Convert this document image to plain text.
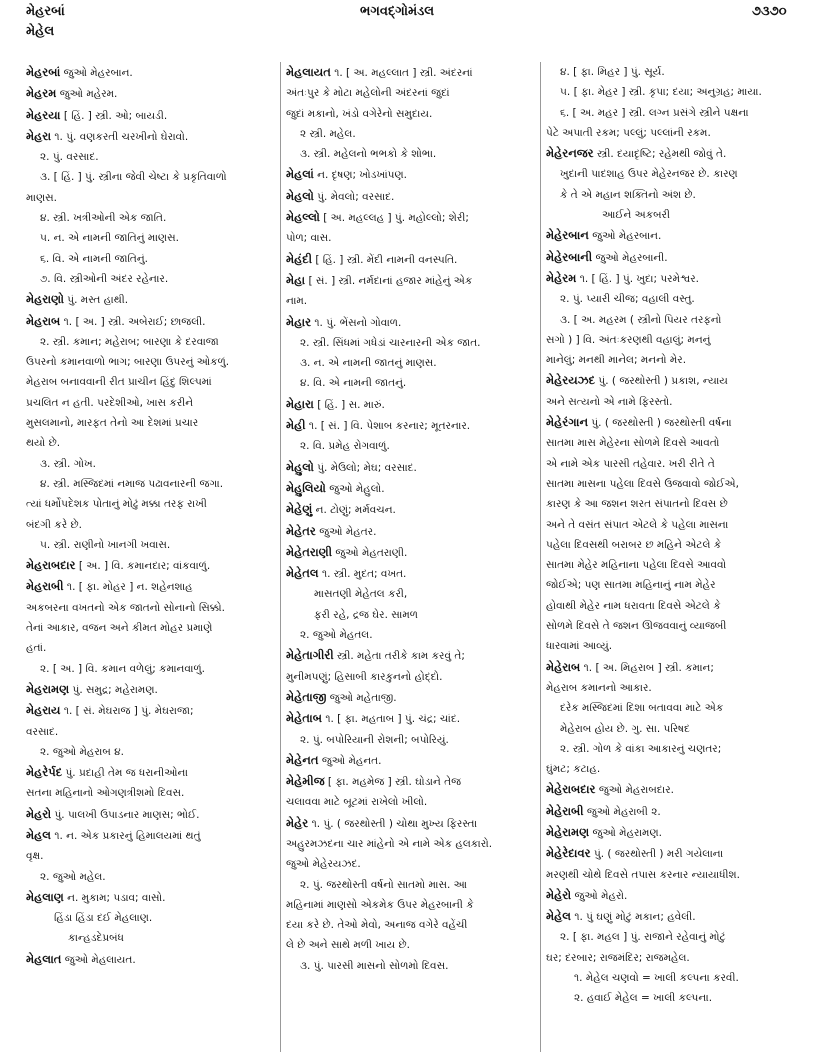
મેહરબાં
મેહેલ
ભગવદ્ગોમંડલ	૭૩૭૦
મેહરબાં જુઓ મેહરબાન.
મેહરમ જુઓ મહેરમ.
મેહરયા [ હિં. ] સ્ત્રી. ઓ; બાયડી.
મેહરા ૧. પું. વણકરતી ચરખીનો ઘેરાવો.
૨. પું. વરસાદ.
૩. [ હિં. ] પું. સ્ત્રીના જેવી ચેષ્ટા કે પ્રકૃતિવાળો
માણસ.
૪. સ્ત્રી. ખત્રીઓની એક જાતિ.
૫. ન. એ નામની જાતિનું માણસ.
૬. વિ. એ નામની જાતિનું.
૭. વિ. સ્ત્રીઓની અંદર રહેનાર.
મેહરાણો પું. મસ્ત હાથી.
મેહરાબ ૧. [ અ. ] સ્ત્રી. અબેરાઈ; છાજલી.
૨. સ્ત્રી. કમાન; મહેરાબ; બારણા કે દરવાજા
ઉપરનો કમાનવાળો ભાગ; બારણા ઉપરનું ઓકળું.
મેહરાબ બનાવવાની રીત પ્રાચીન હિંદુ શિલ્પમાં
પ્રચલિત ન હતી. પરદેશીઓ, ખાસ કરીને
મુસલમાનો, મારફત તેનો આ દેશમાં પ્રચાર
થયો છે.
૩. સ્ત્રી. ગોખ.
૪. સ્ત્રી. મસ્જિદમાં નમાજ પઢાવનારની જગા.
ત્યાં ધર્મોપદેશક પોતાનું મોઢું મક્કા તરફ રાખી
બંદગી કરે છે.
૫. સ્ત્રી. રાણીનો ખાનગી ખવાસ.
મેહરાબદાર [ અ. ] વિ. કમાનદાર; વાંકવાળું.
મેહરાબી ૧. [ ફા. મોહર ] ન. શહેનશાહ
અકબરના વખતનો એક જાતનો સોનાનો સિક્કો.
તેનાં આકાર, વજન અને કીમત મોહર પ્રમાણે
હતાં.
૨. [ અ. ] વિ. કમાન વળેલું; કમાનવાળું.
મેહરામણ પું. સમુદ્ર; મહેરામણ.
મેહરાય ૧. [ સં. મેઘરાજ ] પું. મેઘરાજા;
વરસાદ.
૨. જુઓ મેહરાબ ૪.
મેહરેર્પદ પું. પ્રદાહી તેમ જ ધરાનીઓના
સતના મહિનાનો ઓગણત્રીશમો દિવસ.
મેહરો પું. પાલખી ઉપાડનાર માણસ; ભોઈ.
મેહલ ૧. ન. એક પ્રકારનું હિમાલયમાં થતું
વૃક્ષ.
૨. જુઓ મહેલ.
મેહલાણ ન. મુકામ; પડાવ; વાસો.
હિંડા હિંડા દઈ મેહલાણ.
કાન્હડદેપ્રબંધ
મેહલાત જુઓ મેહલાયત.
મેહલાયત ૧. [ અ. મહલ્લાત ] સ્ત્રી. અંદરનાં
અંતઃપુર કે મોટા મહેલોની અંદરનાં જુદાં
જુદાં મકાનો, ખંડો વગેરેનો સમુદાય.
૨ સ્ત્રી. મહેલ.
૩. સ્ત્રી. મહેલનો ભભકો કે શોભા.
મેહલાં ન. દૃષણ; ખોડખાંપણ.
મેહલો પું. મેવલો; વરસાદ.
મેહલ્લો [ અ. મહલ્લહ ] પું. મહોલ્લો; શેરી;
પોળ; વાસ.
મેહંદી [ હિં. ] સ્ત્રી. મેંદી નામની વનસ્પતિ.
મેહા [ સં. ] સ્ત્રી. નર્મદાનાં હજાર માંહેનું એક
નામ.
મેહાર ૧. પું. ભેંસનો ગોવાળ.
૨. સ્ત્રી. સિંધમાં ગધેડાં ચારનારની એક જાત.
૩. ન. એ નામની જાતનું માણસ.
૪. વિ. એ નામની જાતનું.
મેહારા [ હિં. ] સ. મારું.
મેહી ૧. [ સં. ] વિ. પેશાબ કરનાર; મૂતરનાર.
૨. વિ. પ્રમેહ રોગવાળું.
મેહુલો પું. મેઉલો; મેઘ; વરસાદ.
મેહુલિયો જુઓ મેહુલો.
મેહેણું ન. ટોણું; મર્મવચન.
મેહેતર જુઓ મેહતર.
મેહેતરાણી જુઓ મેહતરાણી.
મેહેતલ ૧. સ્ત્રી. મુદત; વખત.
માસતણી મેહેતલ કરી,
ફરી રહે, દ્રજ ઘેર. સામળ
૨. જુઓ મેહતલ.
મેહેતાગીરી સ્ત્રી. મહેતા તરીકે કામ કરવું તે;
મુનીમપણું; હિસાબી કારકુનનો હોદ્દો.
મેહેતાજી જુઓ મહેતાજી.
મેહેતાબ ૧. [ ફા. મહતાબ ] પું. ચંદ્ર; ચાંદ.
૨. પું. બપોરિયાની રોશની; બપોરિયું.
મેહેનત જુઓ મેહનત.
મેહેમીજ [ ફા. મહમેજ ] સ્ત્રી. ઘોડાને તેજ
ચલાવવા માટે બૂટમાં રાખેલો ખીલો.
મેહેર ૧. પું. ( જરથોસ્તી ) ચોથા મુખ્ય ફિરસ્તા
અહુરમઝદના ચાર માંહેનો એ નામે એક હલકારો.
જુઓ મેહેરયઝદ.
૨. પું. જરથોસ્તી વર્ષનો સાતમો માસ. આ
મહિનામાં માણસો એકમેક ઉપર મેહરબાની કે
દયા કરે છે. તેઓ મેવો, અનાજ વગેરે વહેંચી
લે છે અને સાથે મળી ખાય છે.
૩. પું. પારસી માસનો સોળમો દિવસ.
૪. [ ફા. મિહર ] પું. સૂર્ય.
૫. [ ફા. મેહર ] સ્ત્રી. કૃપા; દયા; અનુગ્રહ; માયા.
૬. [ અ. મહર ] સ્ત્રી. લગ્ન પ્રસંગે સ્ત્રીને પક્ષના
પેટે અપાતી રકમ; પલ્લું; પલ્લાંની રકમ.
મેહેરનજર સ્ત્રી. દયાદૃષ્ટિ; રહેમથી જોવું તે.
ખુદાની પાદશાહ ઉપર મેહેરનજર છે. કારણ
કે તે એ મહાન શક્તિનો અંશ છે.
આઈને અકબરી
મેહેરબાન જુઓ મેહરબાન.
મેહેરબાની જુઓ મેહરબાની.
મેહેરમ ૧. [ હિં. ] પું. ખુદા; પરમેશ્વર.
૨. પું. પ્યારી ચીજ; વહાલી વસ્તુ.
૩. [ અ. મહરમ ( સ્ત્રીનો પિયર તરફનો
સગો ) ] વિ. અંતઃકરણથી વહાલું; મનનું
માનેલું; મનથી માનેલ; મનનો મેર.
મેહેરયઝદ પું. ( જરથોસ્તી ) પ્રકાશ, ન્યાય
અને સત્યનો એ નામે ફિરસ્તો.
મેહેરંગાન પું. ( જરથોસ્તી ) જરથોસ્તી વર્ષના
સાતમા માસ મેહેરના સોળમે દિવસે આવતો
એ નામે એક પારસી તહેવાર. ખરી રીતે તે
સાતમા માસના પહેલા દિવસે ઉજવાવો જોઈએ,
કારણ કે આ જશન શરત સંપાતનો દિવસ છે
અને તે વસંત સંપાત એટલે કે પહેલા માસના
પહેલા દિવસથી બરાબર છ મહિને એટલે કે
સાતમા મેહેર મહિનાના પહેલા દિવસે આવવો
જોઈએ; પણ સાતમા મહિનાનું નામ મેહેર
હોવાથી મેહેર નામ ધરાવતા દિવસે એટલે કે
સોળમે દિવસે તે જશન ઊજવવાનું વ્યાજબી
ધારવામાં આવ્યું.
મેહેરાબ ૧. [ અ. મિહરાબ ] સ્ત્રી. કમાન;
મેહરાબ કમાનનો આકાર.
દરેક મસ્જિદમાં દિશા બતાવવા માટે એક
મેહેરાબ હોય છે. ગુ. સા. પરિષદ
૨. સ્ત્રી. ગોળ કે વાંકા આકારનું ચણતર;
ઘુંમટ; કટાહ.
મેહેરાબદાર જુઓ મેહરાબદાર.
મેહેરાબી જુઓ મેહરાબી ૨.
મેહેરામણ જુઓ મેહરામણ.
મેહેરેદાવર પું. ( જરથોસ્તી ) મરી ગયેલાના
મરણથી ચોથે દિવસે તપાસ કરનાર ન્યાયાધીશ.
મેહેરો જુઓ મેહરો.
મેહેલ ૧. પું ઘણું મોટું મકાન; હવેલી.
૨. [ ફા. મહલ ] પું. રાજાને રહેવાનું મોટું
ઘર; દરબાર; રાજમંદિર; રાજમહેલ.
૧. મેહેલ ચણવો = ખાલી કલ્પના કરવી.
૨. હવાઈ મેહેલ = ખાલી કલ્પના.
